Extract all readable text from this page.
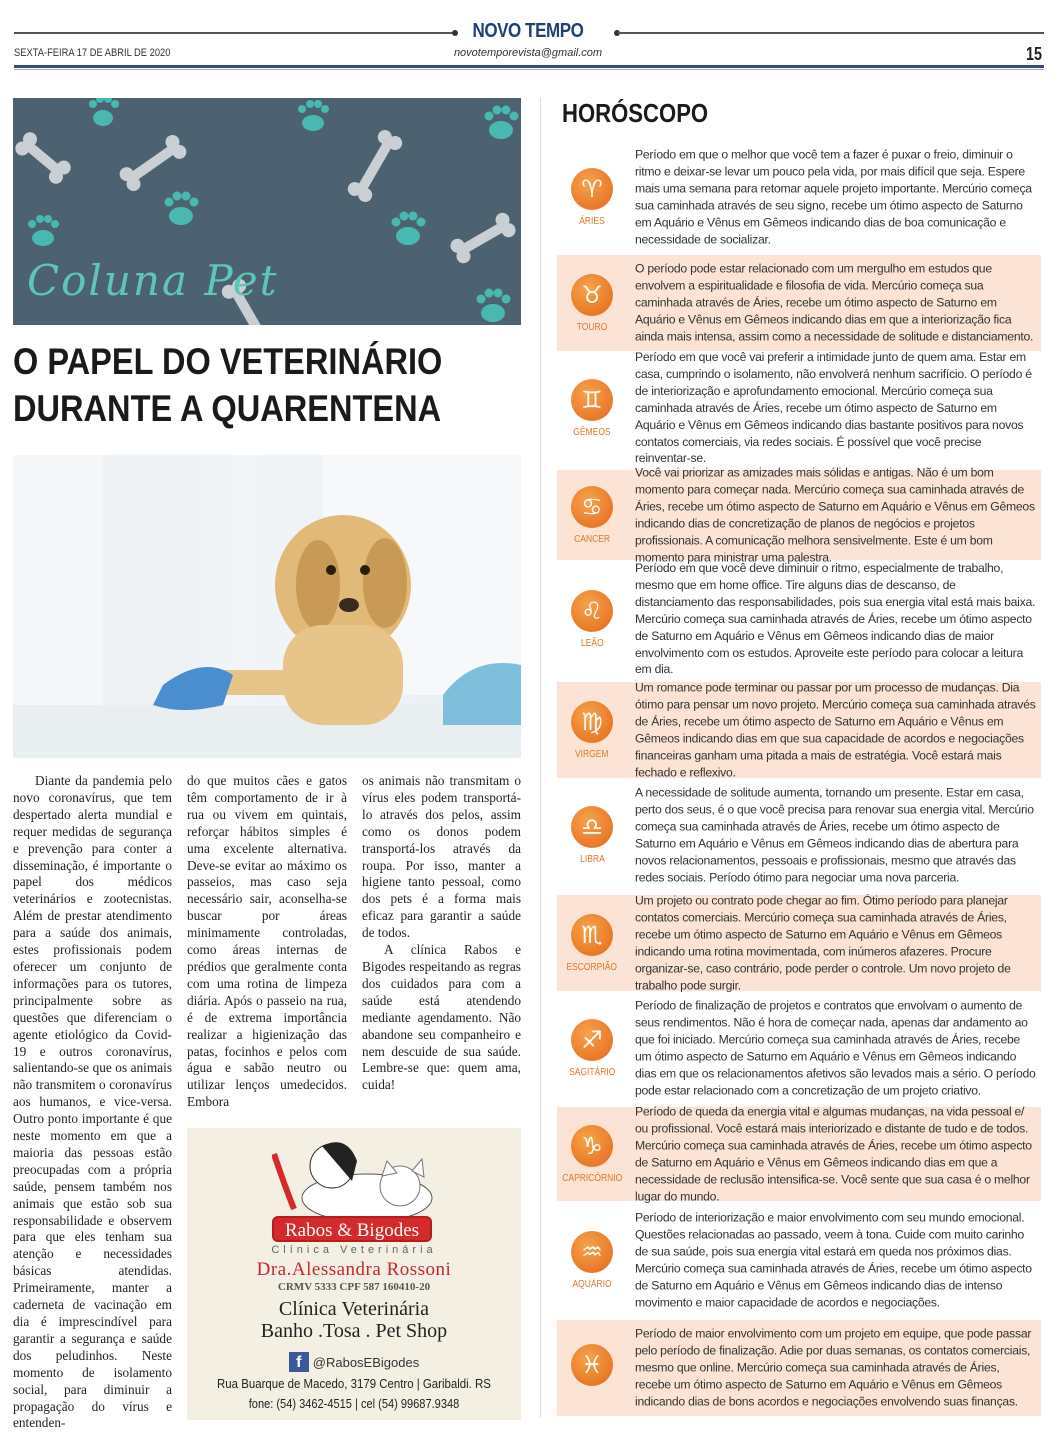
NOVO TEMPO
SEXTA-FEIRA 17 DE ABRIL DE 2020	novotemporevista@gmail.com	15
Coluna Pet
O PAPEL DO VETERINÁRIO
DURANTE A QUARENTENA

Diante da pandemia pelo novo coronavírus, que tem despertado alerta mundial e requer medidas de segurança e prevenção para conter a disseminação, é importante o papel dos médicos veterinários e zootecnistas. Além de prestar atendimento para a saúde dos animais, estes profissionais podem oferecer um conjunto de informações para os tutores, principalmente sobre as questões que diferenciam o agente etiológico da Covid-19 e outros coronavírus, salientando-se que os animais não transmitem o coronavírus aos humanos, e vice-versa. Outro ponto importante é que neste momento em que a maioria das pessoas estão preocupadas com a própria saúde, pensem também nos animais que estão sob sua responsabilidade e observem para que eles tenham sua atenção e necessidades básicas atendidas. Primeiramente, manter a caderneta de vacinação em dia é imprescindível para garantir a segurança e saúde dos peludinhos. Neste momento de isolamento social, para diminuir a propagação do vírus e entenden-

do que muitos cães e gatos têm comportamento de ir à rua ou vivem em quintais, reforçar hábitos simples é uma excelente alternativa. Deve-se evitar ao máximo os passeios, mas caso seja necessário sair, aconselha-se buscar por áreas minimamente controladas, como áreas internas de prédios que geralmente conta com uma rotina de limpeza diária. Após o passeio na rua, é de extrema importância realizar a higienização das patas, focinhos e pelos com água e sabão neutro ou utilizar lenços umedecidos. Embora

os animais não transmitam o vírus eles podem transportá-lo através dos pelos, assim como os donos podem transportá-los através da roupa. Por isso, manter a higiene tanto pessoal, como dos pets é a forma mais eficaz para garantir a saúde de todos.

A clínica Rabos e Bigodes respeitando as regras dos cuidados para com a saúde está atendendo mediante agendamento. Não abandone seu companheiro e nem descuide de sua saúde. Lembre-se que: quem ama, cuida!

Rabos & Bigodes
Clínica Veterinária
Dra.Alessandra Rossoni
CRMV 5333 CPF 587 160410-20
Clínica Veterinária
Banho .Tosa . Pet Shop
f @RabosEBigodes
Rua Buarque de Macedo, 3179 Centro | Garibaldi. RS
fone: (54) 3462-4515 | cel (54) 99687.9348
HORÓSCOPO
♈
ÁRIES
Período em que o melhor que você tem a fazer é puxar o freio, diminuir o ritmo e deixar-se levar um pouco pela vida, por mais difícil que seja. Espere mais uma semana para retomar aquele projeto importante. Mercúrio começa sua caminhada através de seu signo, recebe um ótimo aspecto de Saturno em Aquário e Vênus em Gêmeos indicando dias de boa comunicação e necessidade de socializar.
♉
TOURO
O período pode estar relacionado com um mergulho em estudos que envolvem a espiritualidade e filosofia de vida. Mercúrio começa sua caminhada através de Áries, recebe um ótimo aspecto de Saturno em Aquário e Vênus em Gêmeos indicando dias em que a interiorização fica ainda mais intensa, assim como a necessidade de solitude e distanciamento.
♊
GÊMEOS
Período em que você vai preferir a intimidade junto de quem ama. Estar em casa, cumprindo o isolamento, não envolverá nenhum sacrifício. O período é de interiorização e aprofundamento emocional. Mercúrio começa sua caminhada através de Áries, recebe um ótimo aspecto de Saturno em Aquário e Vênus em Gêmeos indicando dias bastante positivos para novos contatos comerciais, via redes sociais. É possível que você precise reinventar-se.
♋
CANCER
Você vai priorizar as amizades mais sólidas e antigas. Não é um bom momento para começar nada. Mercúrio começa sua caminhada através de Áries, recebe um ótimo aspecto de Saturno em Aquário e Vênus em Gêmeos indicando dias de concretização de planos de negócios e projetos profissionais. A comunicação melhora sensivelmente. Este é um bom momento para ministrar uma palestra.
♌
LEÃO
Período em que você deve diminuir o ritmo, especialmente de trabalho, mesmo que em home office. Tire alguns dias de descanso, de distanciamento das responsabilidades, pois sua energia vital está mais baixa. Mercúrio começa sua caminhada através de Áries, recebe um ótimo aspecto de Saturno em Aquário e Vênus em Gêmeos indicando dias de maior envolvimento com os estudos. Aproveite este período para colocar a leitura em dia.
♍
VIRGEM
Um romance pode terminar ou passar por um processo de mudanças. Dia ótimo para pensar um novo projeto. Mercúrio começa sua caminhada através de Áries, recebe um ótimo aspecto de Saturno em Aquário e Vênus em Gêmeos indicando dias em que sua capacidade de acordos e negociações financeiras ganham uma pitada a mais de estratégia. Você estará mais fechado e reflexivo.
♎
LIBRA
A necessidade de solitude aumenta, tornando um presente. Estar em casa, perto dos seus, é o que você precisa para renovar sua energia vital. Mercúrio começa sua caminhada através de Áries, recebe um ótimo aspecto de Saturno em Aquário e Vênus em Gêmeos indicando dias de abertura para novos relacionamentos, pessoais e profissionais, mesmo que através das redes sociais. Período ótimo para negociar uma nova parceria.
♏
ESCORPIÃO
Um projeto ou contrato pode chegar ao fim. Ótimo período para planejar contatos comerciais. Mercúrio começa sua caminhada através de Áries, recebe um ótimo aspecto de Saturno em Aquário e Vênus em Gêmeos indicando uma rotina movimentada, com inúmeros afazeres. Procure organizar-se, caso contrário, pode perder o controle. Um novo projeto de trabalho pode surgir.
♐
SAGITÁRIO
Período de finalização de projetos e contratos que envolvam o aumento de seus rendimentos. Não é hora de começar nada, apenas dar andamento ao que foi iniciado. Mercúrio começa sua caminhada através de Áries, recebe um ótimo aspecto de Saturno em Aquário e Vênus em Gêmeos indicando dias em que os relacionamentos afetivos são levados mais a sério. O período pode estar relacionado com a concretização de um projeto criativo.
♑
CAPRICÓRNIO
Período de queda da energia vital e algumas mudanças, na vida pessoal e/ ou profissional. Você estará mais interiorizado e distante de tudo e de todos. Mercúrio começa sua caminhada através de Áries, recebe um ótimo aspecto de Saturno em Aquário e Vênus em Gêmeos indicando dias em que a necessidade de reclusão intensifica-se. Você sente que sua casa é o melhor lugar do mundo.
♒
AQUÁRIO
Período de interiorização e maior envolvimento com seu mundo emocional. Questões relacionadas ao passado, veem à tona. Cuide com muito carinho de sua saúde, pois sua energia vital estará em queda nos próximos dias. Mercúrio começa sua caminhada através de Áries, recebe um ótimo aspecto de Saturno em Aquário e Vênus em Gêmeos indicando dias de intenso movimento e maior capacidade de acordos e negociações.
♓
Período de maior envolvimento com um projeto em equipe, que pode passar pelo período de finalização. Adie por duas semanas, os contatos comerciais, mesmo que online. Mercúrio começa sua caminhada através de Áries, recebe um ótimo aspecto de Saturno em Aquário e Vênus em Gêmeos indicando dias de bons acordos e negociações envolvendo suas finanças.
